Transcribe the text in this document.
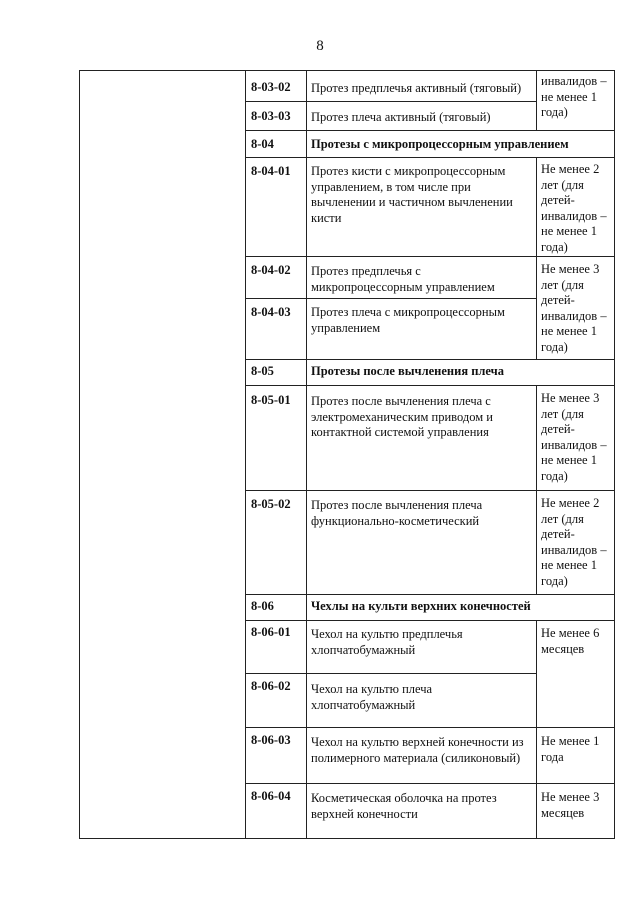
8
8-03-02
8-03-03
8-04
8-04-01
8-04-02
8-04-03
8-05
8-05-01
8-05-02
8-06
8-06-01
8-06-02
8-06-03
8-06-04
Протез предплечья активный (тяговый)
Протез плеча активный (тяговый)
Протезы с микропроцессорным управлением
Протез кисти с микропроцессорным управлением, в том числе при вычленении и частичном вычленении кисти
Протез предплечья с микропроцессорным управлением
Протез плеча с микропроцессорным управлением
Протезы после вычленения плеча
Протез после вычленения плеча с электромеханическим приводом и контактной системой управления
Протез после вычленения плеча функционально-косметический
Чехлы на культи верхних конечностей
Чехол на культю предплечья хлопчатобумажный
Чехол на культю плеча хлопчатобумажный
Чехол на культю верхней конечности из полимерного материала (силиконовый)
Косметическая оболочка на протез верхней конечности
инвалидов – не менее 1 года)
Не менее 2 лет (для детей-инвалидов – не менее 1 года)
Не менее 3 лет (для детей-инвалидов – не менее 1 года)
Не менее 3 лет (для детей-инвалидов – не менее 1 года)
Не менее 2 лет (для детей-инвалидов – не менее 1 года)
Не менее 6 месяцев
Не менее 1 года
Не менее 3 месяцев
